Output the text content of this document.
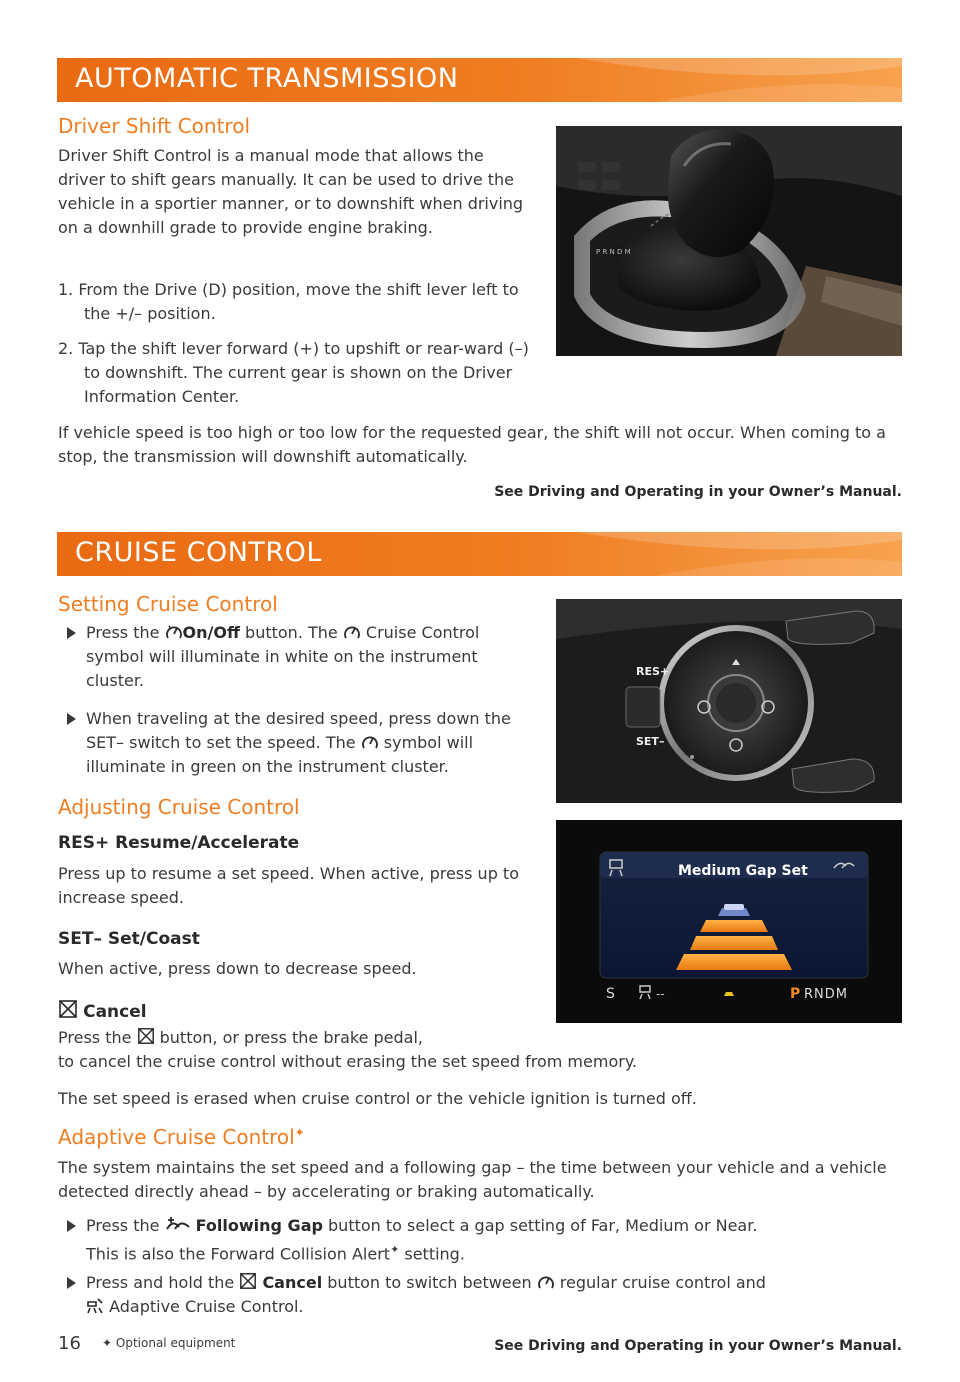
AUTOMATIC TRANSMISSION
Driver Shift Control
Driver Shift Control is a manual mode that allows the driver to shift gears manually. It can be used to drive the vehicle in a sportier manner, or to downshift when driving on a downhill grade to provide engine braking.
1. From the Drive (D) position, move the shift lever left to the +/– position.
2. Tap the shift lever forward (+) to upshift or rear-ward (–) to downshift. The current gear is shown on the Driver Information Center.
If vehicle speed is too high or too low for the requested gear, the shift will not occur. When coming to a stop, the transmission will downshift automatically.
See Driving and Operating in your Owner’s Manual.
P R N D M
CRUISE CONTROL
Setting Cruise Control
Press the On/Off button. The  Cruise Control symbol will illuminate in white on the instrument cluster.
When traveling at the desired speed, press down the SET– switch to set the speed. The  symbol will illuminate in green on the instrument cluster.
Adjusting Cruise Control
RES+ Resume/Accelerate
Press up to resume a set speed. When active, press up to increase speed.
SET– Set/Coast
When active, press down to decrease speed.
Cancel
Press the  button, or press the brake pedal,
to cancel the cruise control without erasing the set speed from memory.
The set speed is erased when cruise control or the vehicle ignition is turned off.
Adaptive Cruise Control✦
The system maintains the set speed and a following gap – the time between your vehicle and a vehicle detected directly ahead – by accelerating or braking automatically.
Press the  Following Gap button to select a gap setting of Far, Medium or Near.
This is also the Forward Collision Alert✦ setting.
Press and hold the  Cancel button to switch between  regular cruise control and
Adaptive Cruise Control.
RES+
SET–
Medium Gap Set
S	--	P RNDM
16 ✦ Optional equipment	See Driving and Operating in your Owner’s Manual.
